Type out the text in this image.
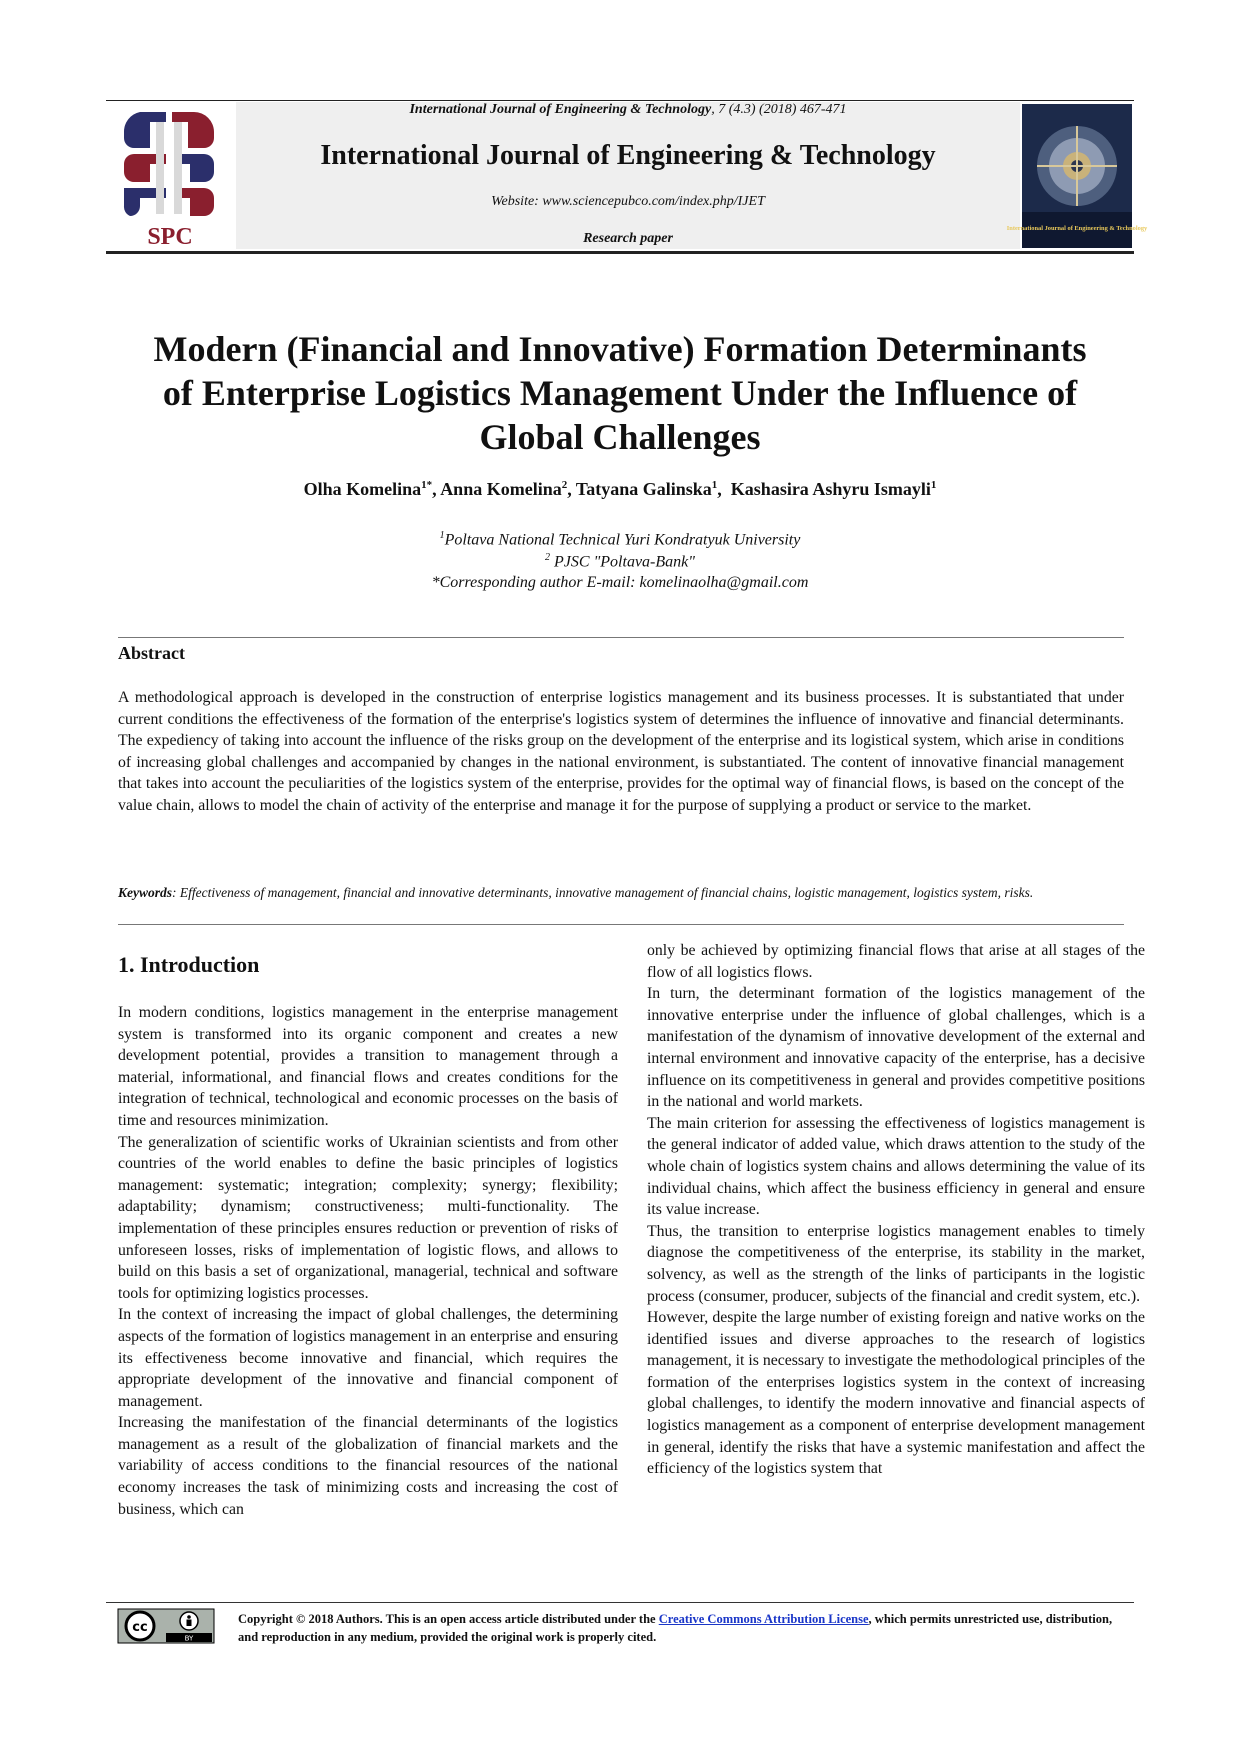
SPC
International Journal of Engineering & Technology, 7 (4.3) (2018) 467-471
International Journal of Engineering & Technology
Website: www.sciencepubco.com/index.php/IJET
Research paper
International Journal of Engineering & Technology
Modern (Financial and Innovative) Formation Determinants
of Enterprise Logistics Management Under the Influence of
Global Challenges
Olha Komelina$^{1*}$, Anna Komelina$^2$, Tatyana Galinska$^1$,  Kashasira Ashyru Ismayli$^1$
$^1$Poltava National Technical Yuri Kondratyuk University
$^2$ PJSC "Poltava-Bank"
*Corresponding author E-mail: komelinaolha@gmail.com
Abstract
A methodological approach is developed in the construction of enterprise logistics management and its business processes. It is substantiated that under current conditions the effectiveness of the formation of the enterprise's logistics system of determines the influence of innovative and financial determinants. The expediency of taking into account the influence of the risks group on the development of the enterprise and its logistical system, which arise in conditions of increasing global challenges and accompanied by changes in the national environment, is substantiated. The content of innovative financial management that takes into account the peculiarities of the logistics system of the enterprise, provides for the optimal way of financial flows, is based on the concept of the value chain, allows to model the chain of activity of the enterprise and manage it for the purpose of supplying a product or service to the market.
Keywords: Effectiveness of management, financial and innovative determinants, innovative management of financial chains, logistic management, logistics system, risks.
1. Introduction

In modern conditions, logistics management in the enterprise management system is transformed into its organic component and creates a new development potential, provides a transition to management through a material, informational, and financial flows and creates conditions for the integration of technical, technological and economic processes on the basis of time and resources minimization.

The generalization of scientific works of Ukrainian scientists and from other countries of the world enables to define the basic principles of logistics management: systematic; integration; complexity; synergy; flexibility; adaptability; dynamism; constructiveness; multi-functionality. The implementation of these principles ensures reduction or prevention of risks of unforeseen losses, risks of implementation of logistic flows, and allows to build on this basis a set of organizational, managerial, technical and software tools for optimizing logistics processes.

In the context of increasing the impact of global challenges, the determining aspects of the formation of logistics management in an enterprise and ensuring its effectiveness become innovative and financial, which requires the appropriate development of the innovative and financial component of management.

Increasing the manifestation of the financial determinants of the logistics management as a result of the globalization of financial markets and the variability of access conditions to the financial resources of the national economy increases the task of minimizing costs and increasing the cost of business, which can

only be achieved by optimizing financial flows that arise at all stages of the flow of all logistics flows.

In turn, the determinant formation of the logistics management of the innovative enterprise under the influence of global challenges, which is a manifestation of the dynamism of innovative development of the external and internal environment and innovative capacity of the enterprise, has a decisive influence on its competitiveness in general and provides competitive positions in the national and world markets.

The main criterion for assessing the effectiveness of logistics management is the general indicator of added value, which draws attention to the study of the whole chain of logistics system chains and allows determining the value of its individual chains, which affect the business efficiency in general and ensure its value increase.

Thus, the transition to enterprise logistics management enables to timely diagnose the competitiveness of the enterprise, its stability in the market, solvency, as well as the strength of the links of participants in the logistic process (consumer, producer, subjects of the financial and credit system, etc.).

However, despite the large number of existing foreign and native works on the identified issues and diverse approaches to the research of logistics management, it is necessary to investigate the methodological principles of the formation of the enterprises logistics system in the context of increasing global challenges, to identify the modern innovative and financial aspects of logistics management as a component of enterprise development management in general, identify the risks that have a systemic manifestation and affect the efficiency of the logistics system that

cc
BY
Copyright © 2018 Authors. This is an open access article distributed under the Creative Commons Attribution License, which permits unrestricted use, distribution, and reproduction in any medium, provided the original work is properly cited.
